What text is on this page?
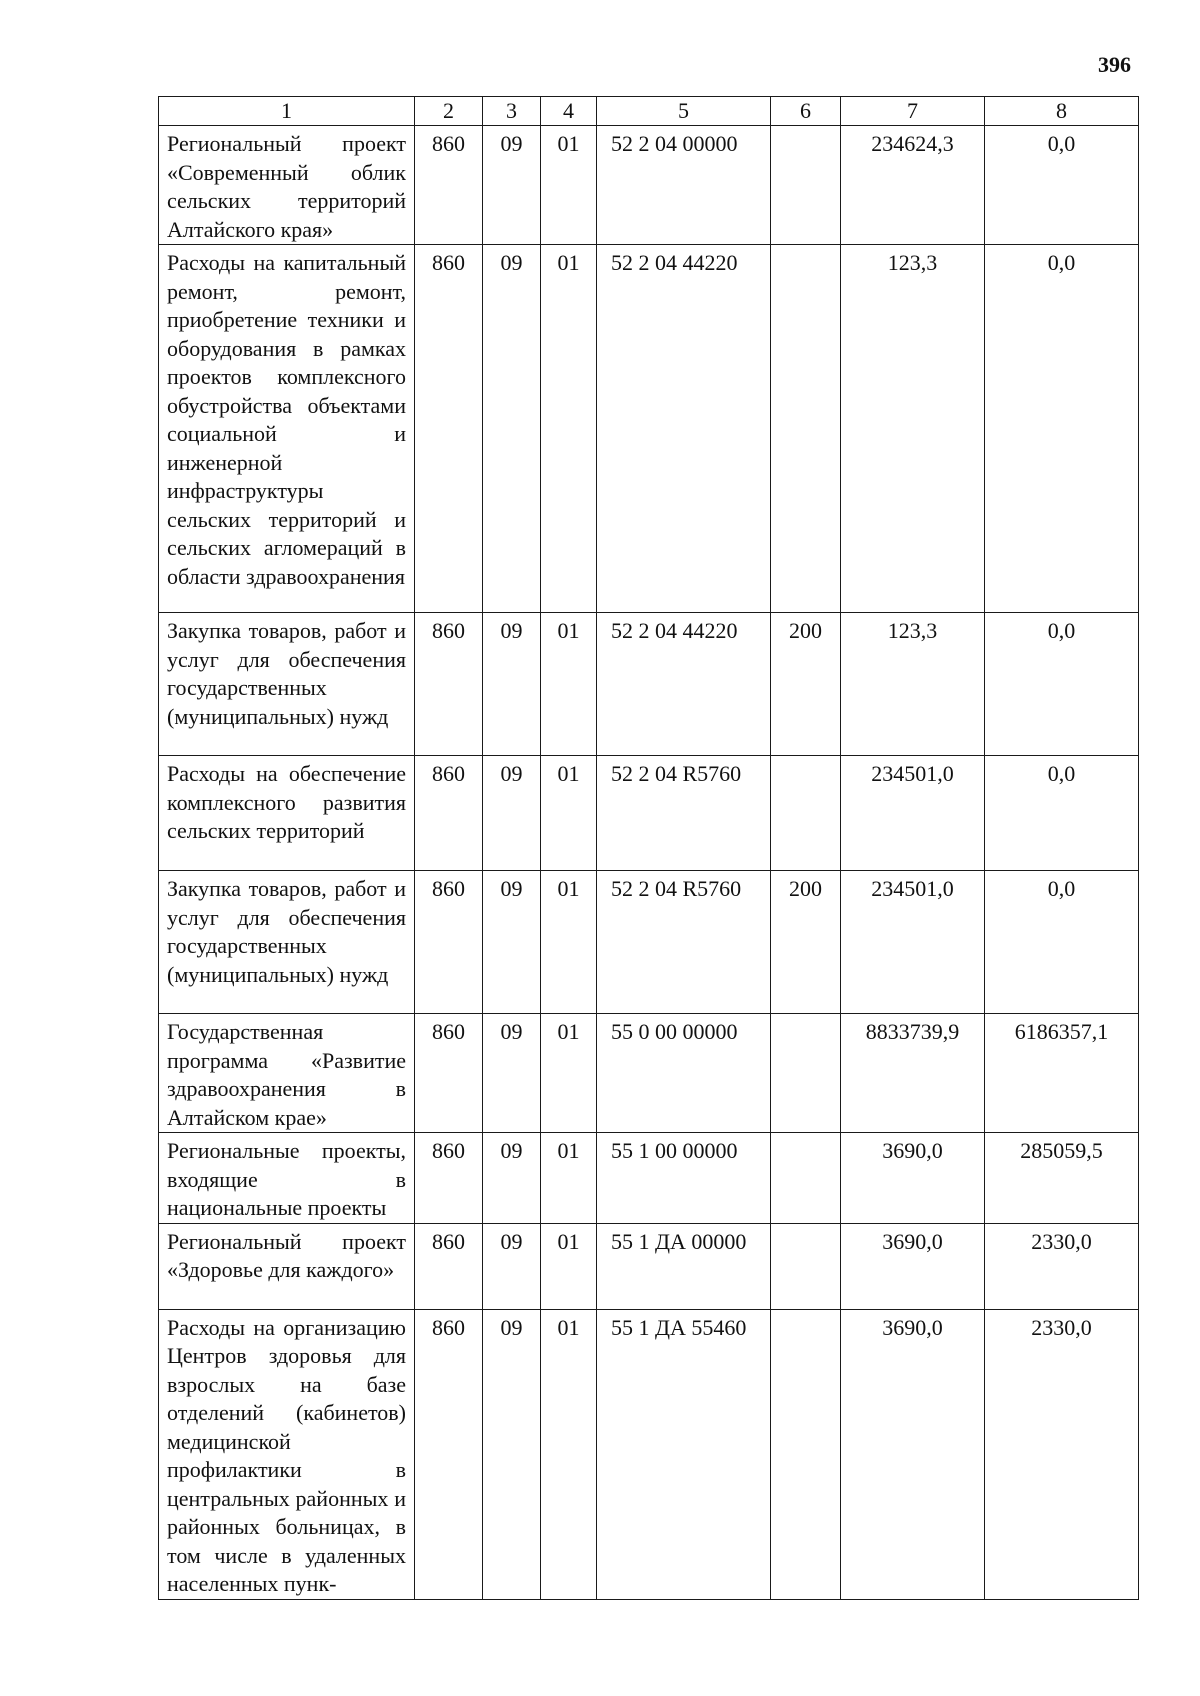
396
1	2	3	4	5	6	7	8
Региональный проект «Современный облик сельских территорий Алтайского края»	860	09	01	52 2 04 00000		234624,3	0,0
Расходы на капитальный ремонт, ремонт, приобретение техники и оборудования в рамках проектов комплексного обустройства объектами социальной и инженерной инфраструктуры сельских территорий и сельских агломераций в области здравоохранения	860	09	01	52 2 04 44220		123,3	0,0
Закупка товаров, работ и услуг для обеспечения государственных (муниципальных) нужд	860	09	01	52 2 04 44220	200	123,3	0,0
Расходы на обеспечение комплексного развития сельских территорий	860	09	01	52 2 04 R5760		234501,0	0,0
Закупка товаров, работ и услуг для обеспечения государственных (муниципальных) нужд	860	09	01	52 2 04 R5760	200	234501,0	0,0
Государственная программа «Развитие здравоохранения в Алтайском крае»	860	09	01	55 0 00 00000		8833739,9	6186357,1
Региональные проекты, входящие в национальные проекты	860	09	01	55 1 00 00000		3690,0	285059,5
Региональный проект «Здоровье для каждого»	860	09	01	55 1 ДА 00000		3690,0	2330,0
Расходы на организацию Центров здоровья для взрослых на базе отделений (кабинетов) медицинской профилактики в центральных районных и районных больницах, в том числе в удаленных населенных пунк-	860	09	01	55 1 ДА 55460		3690,0	2330,0
